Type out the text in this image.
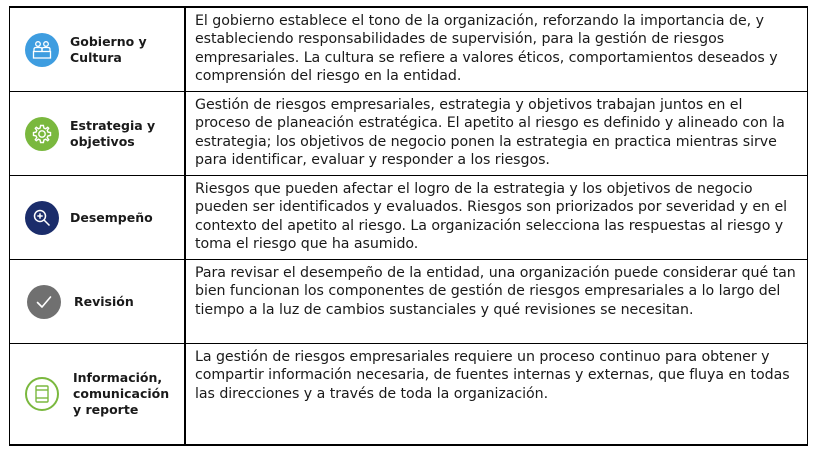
Gobierno y
Cultura
El gobierno establece el tono de la organización, reforzando la importancia de, y estableciendo responsabilidades de supervisión, para la gestión de riesgos empresariales. La cultura se refiere a valores éticos, comportamientos deseados y comprensión del riesgo en la entidad.
Estrategia y
objetivos
Gestión de riesgos empresariales, estrategia y objetivos trabajan juntos en el proceso de planeación estratégica. El apetito al riesgo es definido y alineado con la estrategia; los objetivos de negocio ponen la estrategia en practica mientras sirve para identificar, evaluar y responder a los riesgos.
Desempeño
Riesgos que pueden afectar el logro de la estrategia y los objetivos de negocio pueden ser identificados y evaluados. Riesgos son priorizados por severidad y en el contexto del apetito al riesgo. La organización selecciona las respuestas al riesgo y toma el riesgo que ha asumido.
Revisión
Para revisar el desempeño de la entidad, una organización puede considerar qué tan bien funcionan los componentes de gestión de riesgos empresariales a lo largo del tiempo a la luz de cambios sustanciales y qué revisiones se necesitan.
Información,
comunicación
y reporte
La gestión de riesgos empresariales requiere un proceso continuo para obtener y compartir información necesaria, de fuentes internas y externas, que fluya en todas las direcciones y a través de toda la organización.
